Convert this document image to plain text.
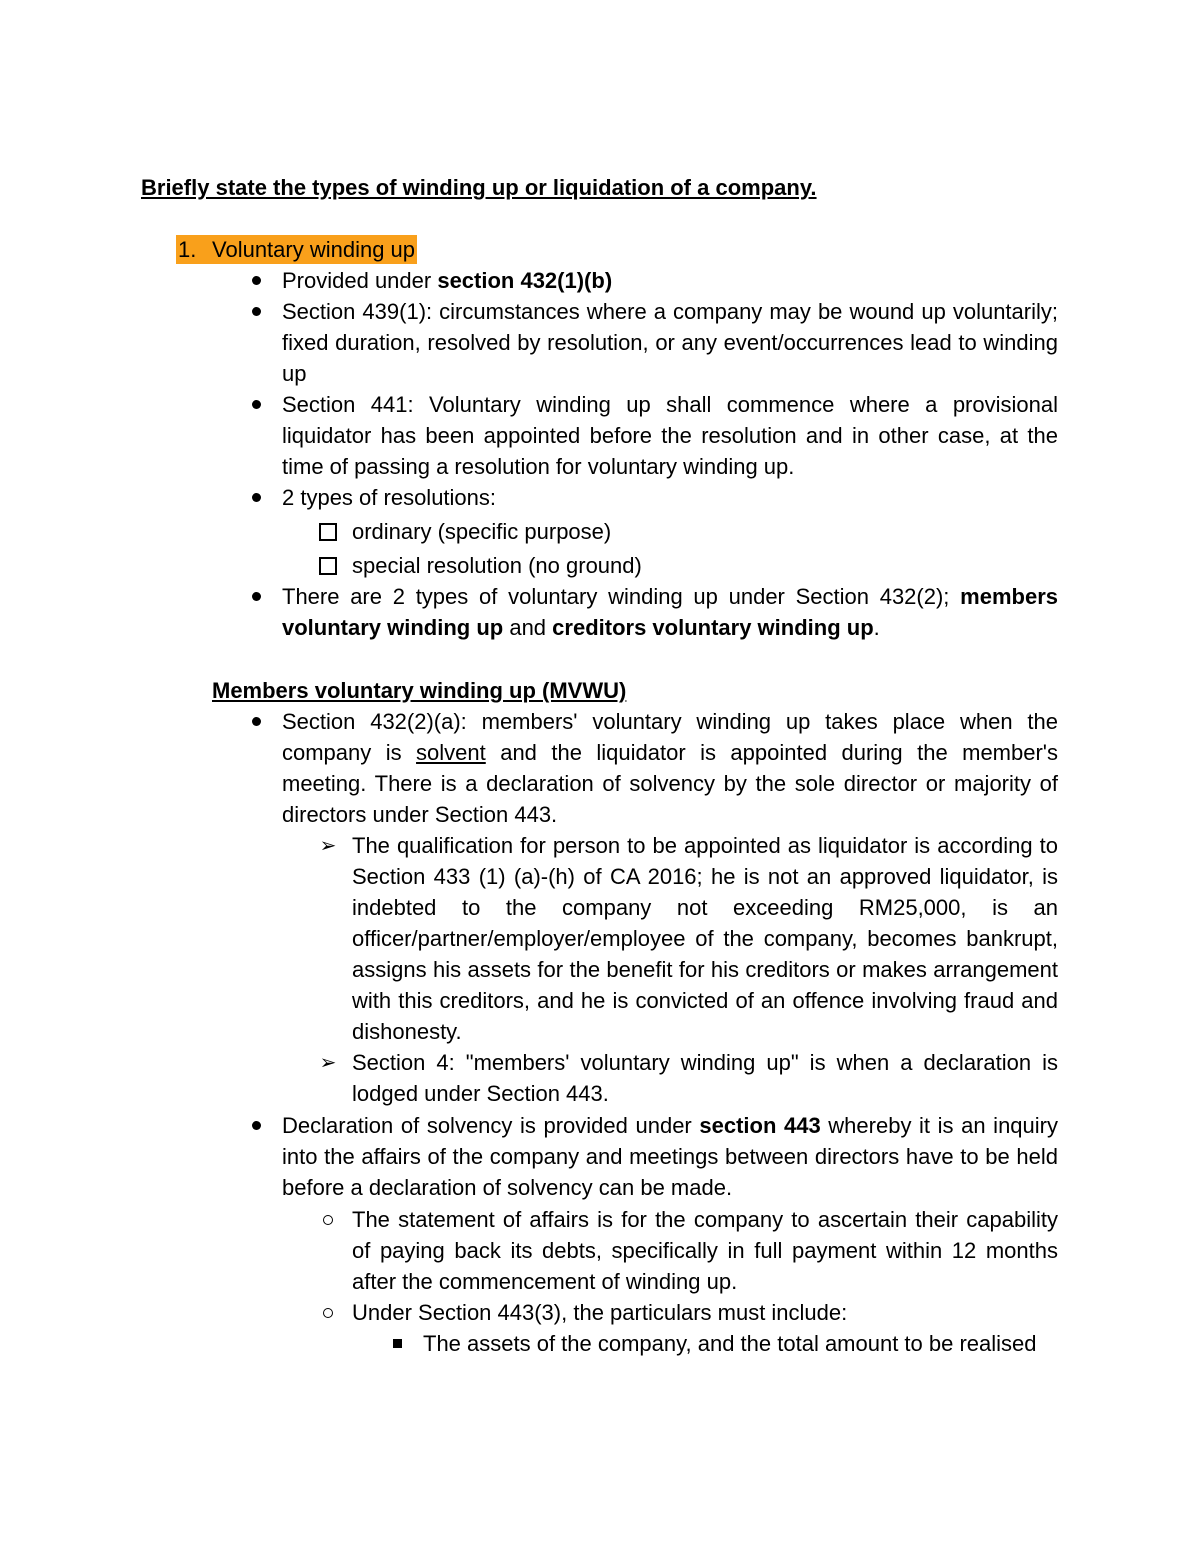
Briefly state the types of winding up or liquidation of a company.
1. Voluntary winding up
Provided under section 432(1)(b)
Section 439(1): circumstances where a company may be wound up voluntarily; fixed duration, resolved by resolution, or any event/occurrences lead to winding up
Section 441: Voluntary winding up shall commence where a provisional liquidator has been appointed before the resolution and in other case, at the time of passing a resolution for voluntary winding up.
2 types of resolutions:
ordinary (specific purpose)
special resolution (no ground)
There are 2 types of voluntary winding up under Section 432(2); members voluntary winding up and creditors voluntary winding up.
Members voluntary winding up (MVWU)
Section 432(2)(a): members' voluntary winding up takes place when the company is solvent and the liquidator is appointed during the member's meeting. There is a declaration of solvency by the sole director or majority of directors under Section 443.
➢ The qualification for person to be appointed as liquidator is according to Section 433 (1) (a)-(h) of CA 2016; he is not an approved liquidator, is indebted to the company not exceeding RM25,000, is an officer/partner/employer/employee of the company, becomes bankrupt, assigns his assets for the benefit for his creditors or makes arrangement with this creditors, and he is convicted of an offence involving fraud and dishonesty.
➢ Section 4: "members' voluntary winding up" is when a declaration is lodged under Section 443.
Declaration of solvency is provided under section 443 whereby it is an inquiry into the affairs of the company and meetings between directors have to be held before a declaration of solvency can be made.
The statement of affairs is for the company to ascertain their capability of paying back its debts, specifically in full payment within 12 months after the commencement of winding up.
Under Section 443(3), the particulars must include:
The assets of the company, and the total amount to be realised
